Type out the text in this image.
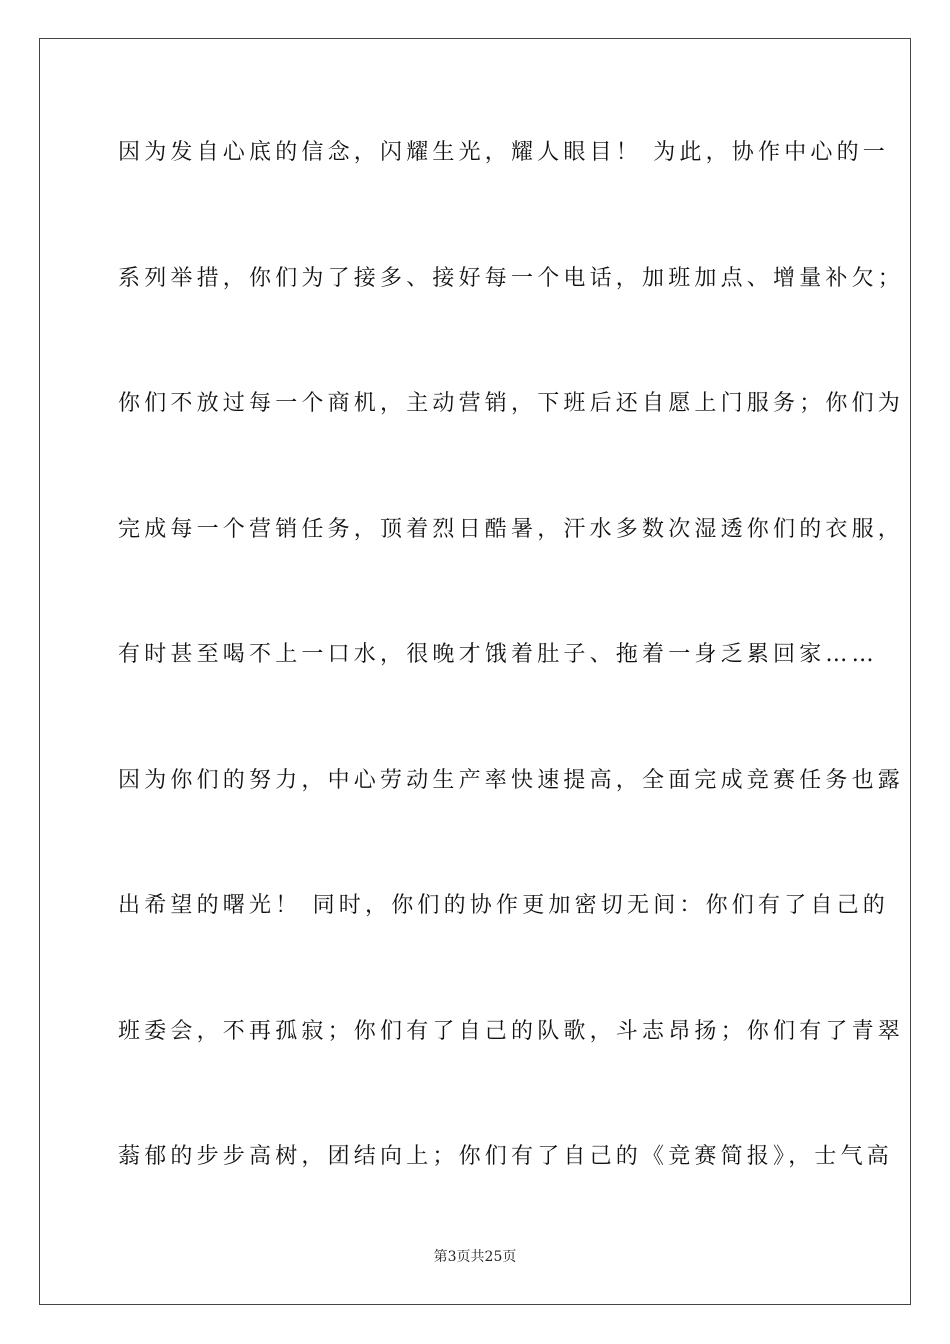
因为发自心底的信念，闪耀生光，耀人眼目！ 为此，协作中心的一
系列举措，你们为了接多、接好每一个电话，加班加点、增量补欠；
你们不放过每一个商机，主动营销，下班后还自愿上门服务；你们为
完成每一个营销任务，顶着烈日酷暑，汗水多数次湿透你们的衣服，
有时甚至喝不上一口水，很晚才饿着肚子、拖着一身乏累回家……
因为你们的努力，中心劳动生产率快速提高，全面完成竞赛任务也露
出希望的曙光！ 同时，你们的协作更加密切无间：你们有了自己的
班委会，不再孤寂；你们有了自己的队歌，斗志昂扬；你们有了青翠
蓊郁的步步高树，团结向上；你们有了自己的《竞赛简报》，士气高
第3页共25页
